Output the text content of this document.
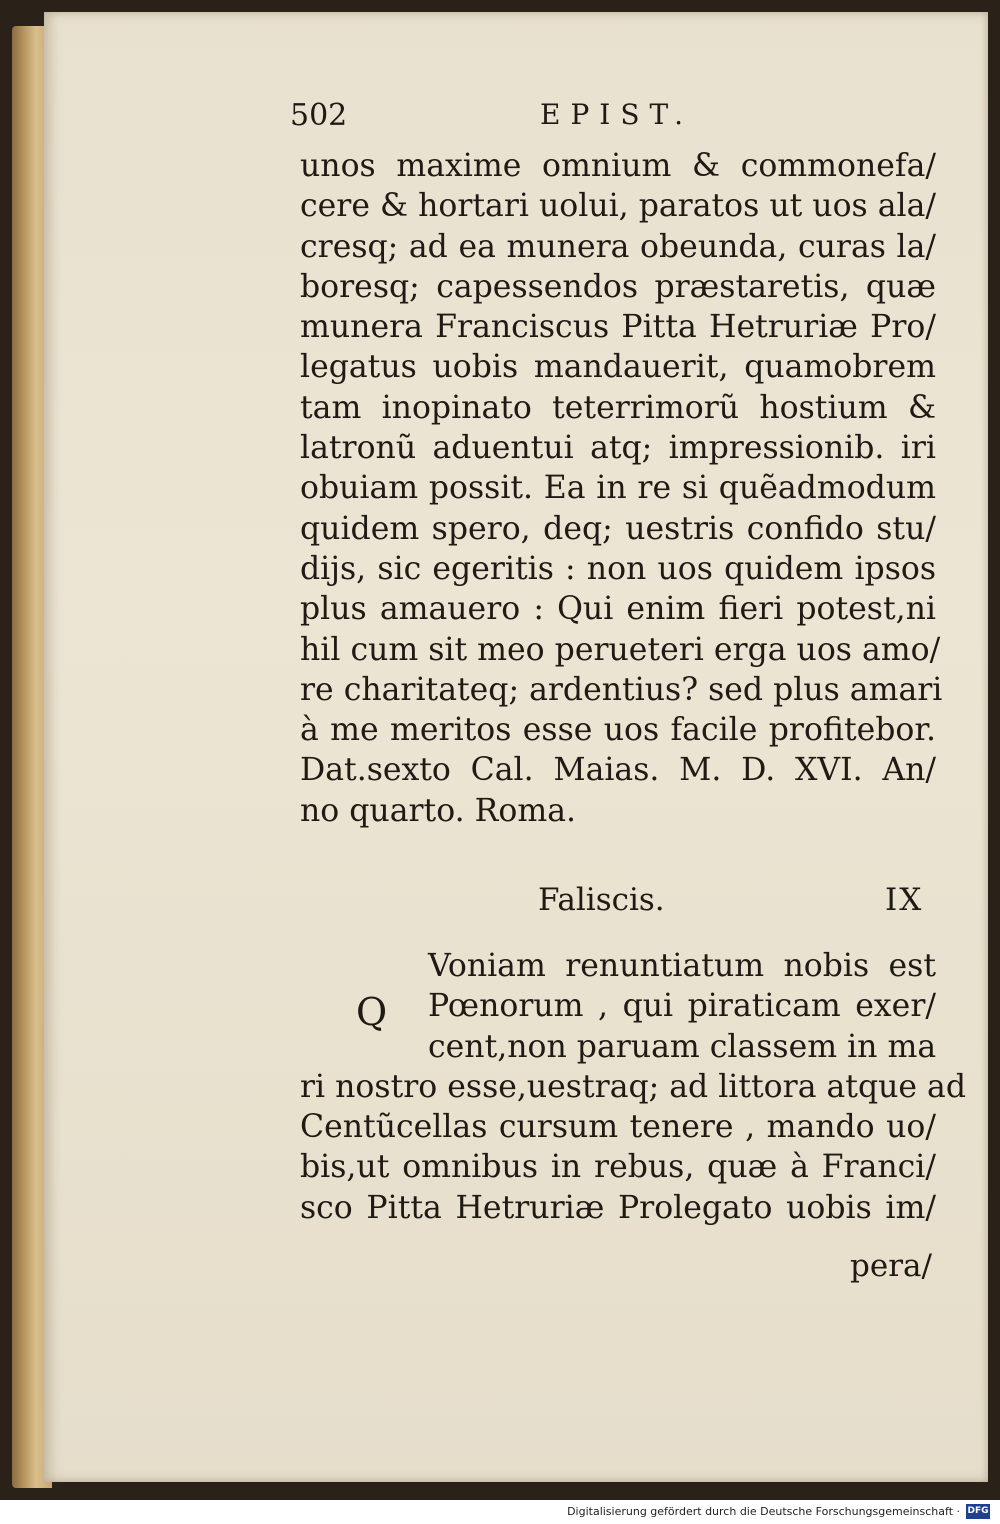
502	EPIST.
unos maxime omnium & commonefa/
cere & hortari uolui, paratos ut uos ala/
cresq; ad ea munera obeunda, curas la/
boresq; capessendos præstaretis, quæ
munera Franciscus Pitta Hetruriæ Pro/
legatus uobis mandauerit, quamobrem
tam inopinato teterrimorũ hostium &
latronũ aduentui atq; impressionib. iri
obuiam possit. Ea in re si quẽadmodum
quidem spero, deq; uestris confido stu/
diјs, sic egeritis : non uos quidem ipsos
plus amauero : Qui enim fieri potest,ni
hil cum sit meo perueteri erga uos amo/
re charitateq; ardentius? sed plus amari
à me meritos esse uos facile profitebor.
Dat.sexto Cal. Maias. M. D. XVI. An/
no quarto. Roma.
Faliscis.	IX
Q
Voniam renuntiatum nobis est
Pœnorum , qui piraticam exer/
cent,non paruam classem in ma
ri nostro esse,uestraq; ad littora atque ad
Centũcellas cursum tenere , mando uo/
bis,ut omnibus in rebus, quæ à Franci/
sco Pitta Hetruriæ Prolegato uobis im/
pera/
Digitalisierung gefördert durch die Deutsche Forschungsgemeinschaft · DFG
